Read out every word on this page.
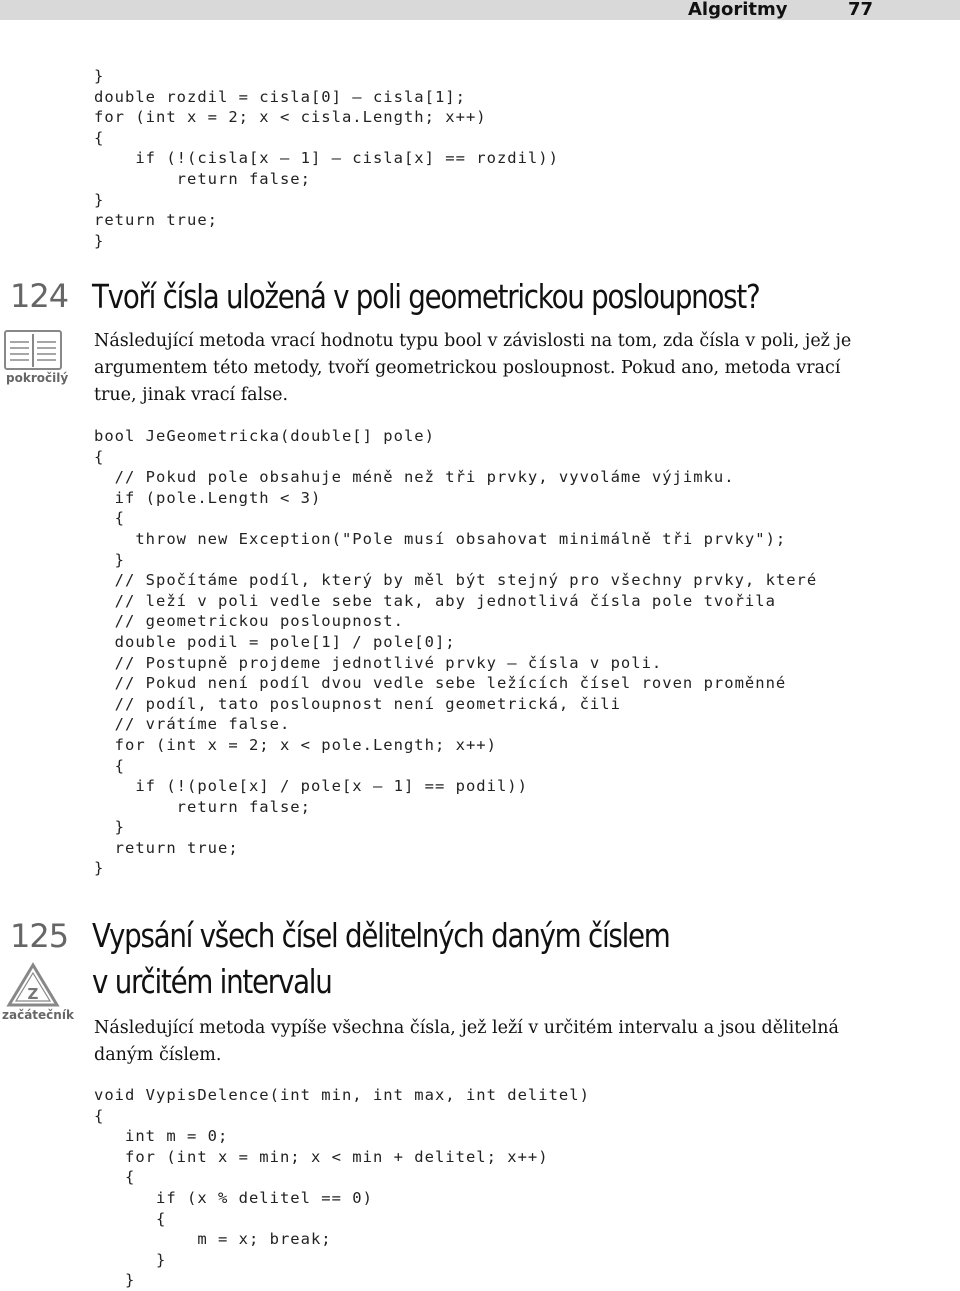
Algoritmy	77
}
double rozdil = cisla[0] – cisla[1];
for (int x = 2; x < cisla.Length; x++)
{
if (!(cisla[x – 1] – cisla[x] == rozdil))
return false;
}
return true;
}
124 Tvoří čísla uložená v poli geometrickou posloupnost?
pokročilý

Následující metoda vrací hodnotu typu bool v závislosti na tom, zda čísla v poli, jež je argumentem této metody, tvoří geometrickou posloupnost. Pokud ano, metoda vrací true, jinak vrací false.

bool JeGeometricka(double[] pole)
{
// Pokud pole obsahuje méně než tři prvky, vyvoláme výjimku.
if (pole.Length < 3)
{
throw new Exception("Pole musí obsahovat minimálně tři prvky");
}
// Spočítáme podíl, který by měl být stejný pro všechny prvky, které
// leží v poli vedle sebe tak, aby jednotlivá čísla pole tvořila
// geometrickou posloupnost.
double podil = pole[1] / pole[0];
// Postupně projdeme jednotlivé prvky – čísla v poli.
// Pokud není podíl dvou vedle sebe ležících čísel roven proměnné
// podíl, tato posloupnost není geometrická, čili
// vrátíme false.
for (int x = 2; x < pole.Length; x++)
{
if (!(pole[x] / pole[x – 1] == podil))
return false;
}
return true;
}
125 Vypsání všech čísel dělitelných daným číslem
v určitém intervalu
Z
začátečník

Následující metoda vypíše všechna čísla, jež leží v určitém intervalu a jsou dělitelná daným číslem.

void VypisDelence(int min, int max, int delitel)
{
int m = 0;
for (int x = min; x < min + delitel; x++)
{
if (x % delitel == 0)
{
m = x; break;
}
}
